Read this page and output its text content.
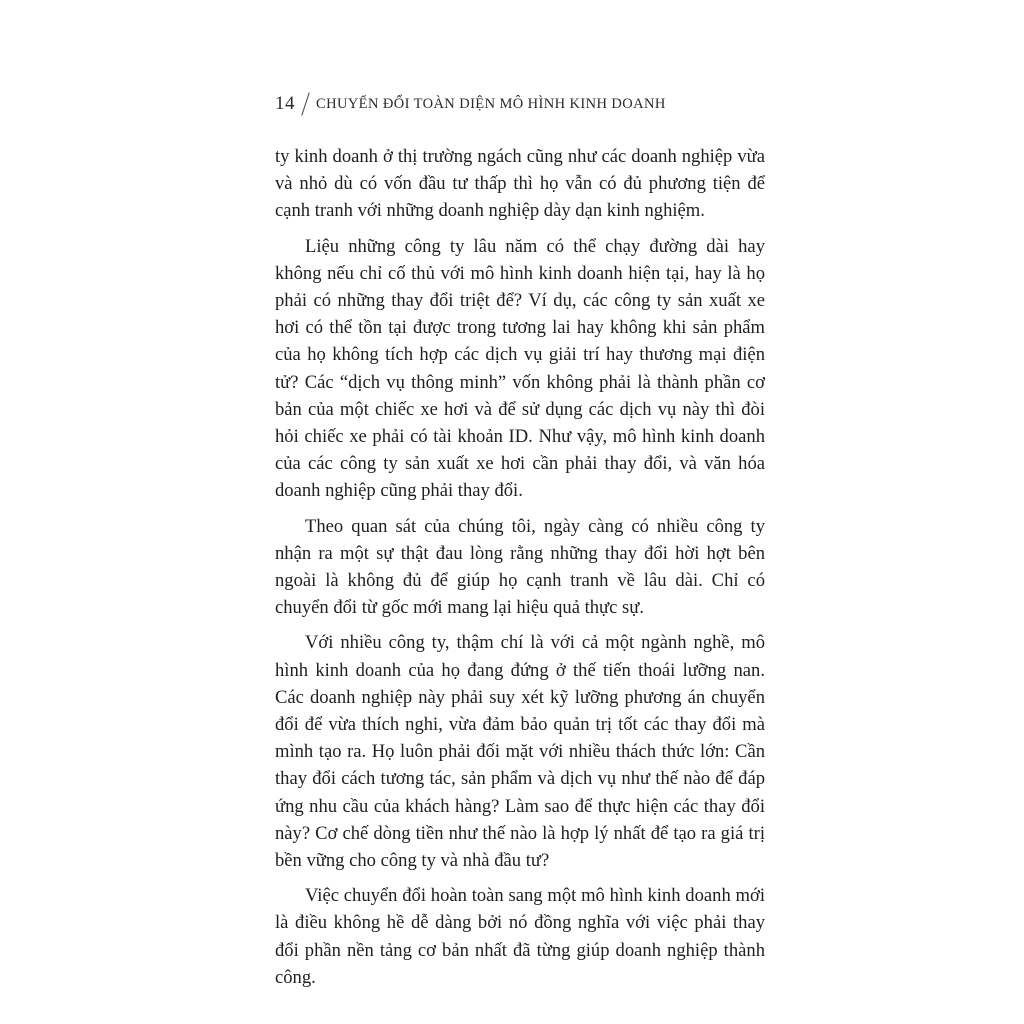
14 CHUYỂN ĐỔI TOÀN DIỆN MÔ HÌNH KINH DOANH

ty kinh doanh ở thị trường ngách cũng như các doanh nghiệp vừa và nhỏ dù có vốn đầu tư thấp thì họ vẫn có đủ phương tiện để cạnh tranh với những doanh nghiệp dày dạn kinh nghiệm.

Liệu những công ty lâu năm có thể chạy đường dài hay không nếu chỉ cố thủ với mô hình kinh doanh hiện tại, hay là họ phải có những thay đổi triệt để? Ví dụ, các công ty sản xuất xe hơi có thể tồn tại được trong tương lai hay không khi sản phẩm của họ không tích hợp các dịch vụ giải trí hay thương mại điện tử? Các “dịch vụ thông minh” vốn không phải là thành phần cơ bản của một chiếc xe hơi và để sử dụng các dịch vụ này thì đòi hỏi chiếc xe phải có tài khoản ID. Như vậy, mô hình kinh doanh của các công ty sản xuất xe hơi cần phải thay đổi, và văn hóa doanh nghiệp cũng phải thay đổi.

Theo quan sát của chúng tôi, ngày càng có nhiều công ty nhận ra một sự thật đau lòng rằng những thay đổi hời hợt bên ngoài là không đủ để giúp họ cạnh tranh về lâu dài. Chỉ có chuyển đổi từ gốc mới mang lại hiệu quả thực sự.

Với nhiều công ty, thậm chí là với cả một ngành nghề, mô hình kinh doanh của họ đang đứng ở thế tiến thoái lưỡng nan. Các doanh nghiệp này phải suy xét kỹ lưỡng phương án chuyển đổi để vừa thích nghi, vừa đảm bảo quản trị tốt các thay đổi mà mình tạo ra. Họ luôn phải đối mặt với nhiều thách thức lớn: Cần thay đổi cách tương tác, sản phẩm và dịch vụ như thế nào để đáp ứng nhu cầu của khách hàng? Làm sao để thực hiện các thay đổi này? Cơ chế dòng tiền như thế nào là hợp lý nhất để tạo ra giá trị bền vững cho công ty và nhà đầu tư?

Việc chuyển đổi hoàn toàn sang một mô hình kinh doanh mới là điều không hề dễ dàng bởi nó đồng nghĩa với việc phải thay đổi phần nền tảng cơ bản nhất đã từng giúp doanh nghiệp thành công.
